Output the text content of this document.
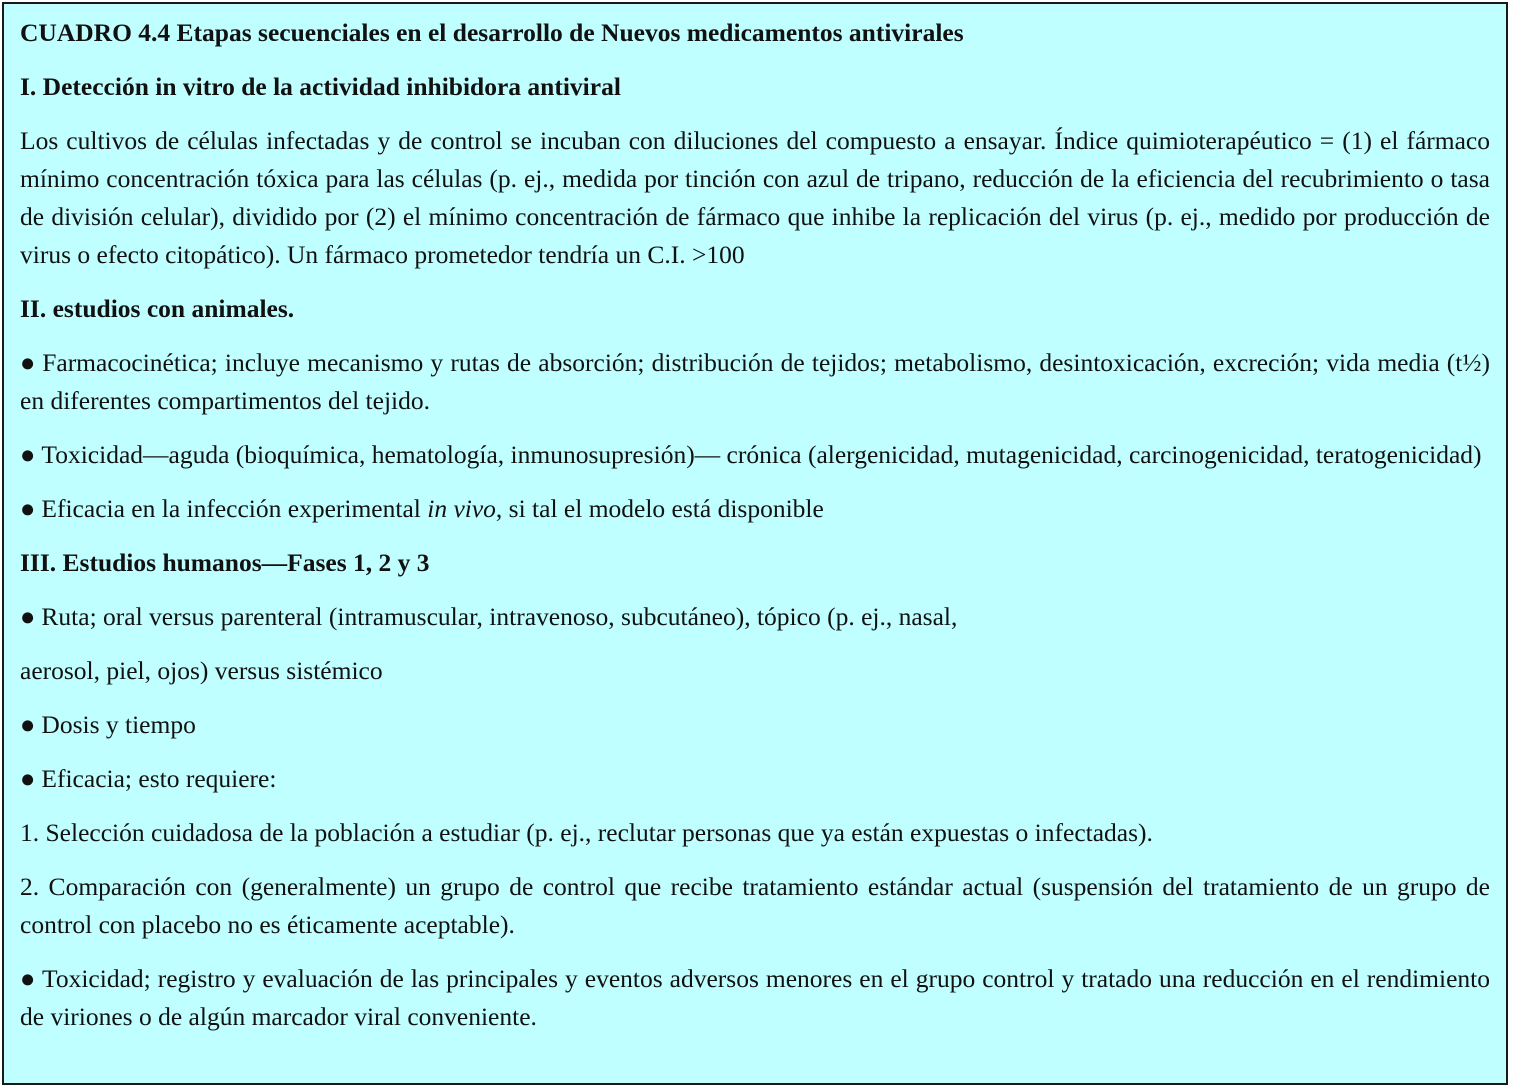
CUADRO 4.4 Etapas secuenciales en el desarrollo de Nuevos medicamentos antivirales
I. Detección in vitro de la actividad inhibidora antiviral
Los cultivos de células infectadas y de control se incuban con diluciones del compuesto a ensayar. Índice quimioterapéutico = (1) el fármaco mínimo concentración tóxica para las células (p. ej., medida por tinción con azul de tripano, reducción de la eficiencia del recubrimiento o tasa de división celular), dividido por (2) el mínimo concentración de fármaco que inhibe la replicación del virus (p. ej., medido por producción de virus o efecto citopático). Un fármaco prometedor tendría un C.I. >100
II. estudios con animales.
● Farmacocinética; incluye mecanismo y rutas de absorción; distribución de tejidos; metabolismo, desintoxicación, excreción; vida media (t½) en diferentes compartimentos del tejido.
● Toxicidad—aguda (bioquímica, hematología, inmunosupresión)— crónica (alergenicidad, mutagenicidad, carcinogenicidad, teratogenicidad)
● Eficacia en la infección experimental in vivo, si tal el modelo está disponible
III. Estudios humanos—Fases 1, 2 y 3
● Ruta; oral versus parenteral (intramuscular, intravenoso, subcutáneo), tópico (p. ej., nasal,
aerosol, piel, ojos) versus sistémico
● Dosis y tiempo
● Eficacia; esto requiere:
1. Selección cuidadosa de la población a estudiar (p. ej., reclutar personas que ya están expuestas o infectadas).
2. Comparación con (generalmente) un grupo de control que recibe tratamiento estándar actual (suspensión del tratamiento de un grupo de control con placebo no es éticamente aceptable).
● Toxicidad; registro y evaluación de las principales y eventos adversos menores en el grupo control y tratado una reducción en el rendimiento de viriones o de algún marcador viral conveniente.
